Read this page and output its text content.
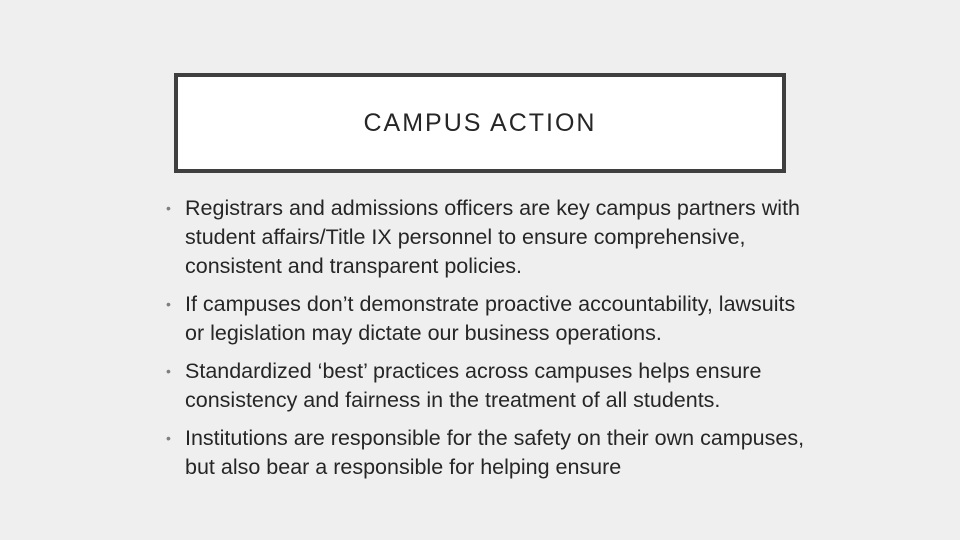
CAMPUS ACTION
• Registrars and admissions officers are key campus partners with student affairs/Title IX personnel to ensure comprehensive, consistent and transparent policies.
• If campuses don’t demonstrate proactive accountability, lawsuits or legislation may dictate our business operations.
• Standardized ‘best’ practices across campuses helps ensure consistency and fairness in the treatment of all students.
• Institutions are responsible for the safety on their own campuses, but also bear a responsible for helping ensure
